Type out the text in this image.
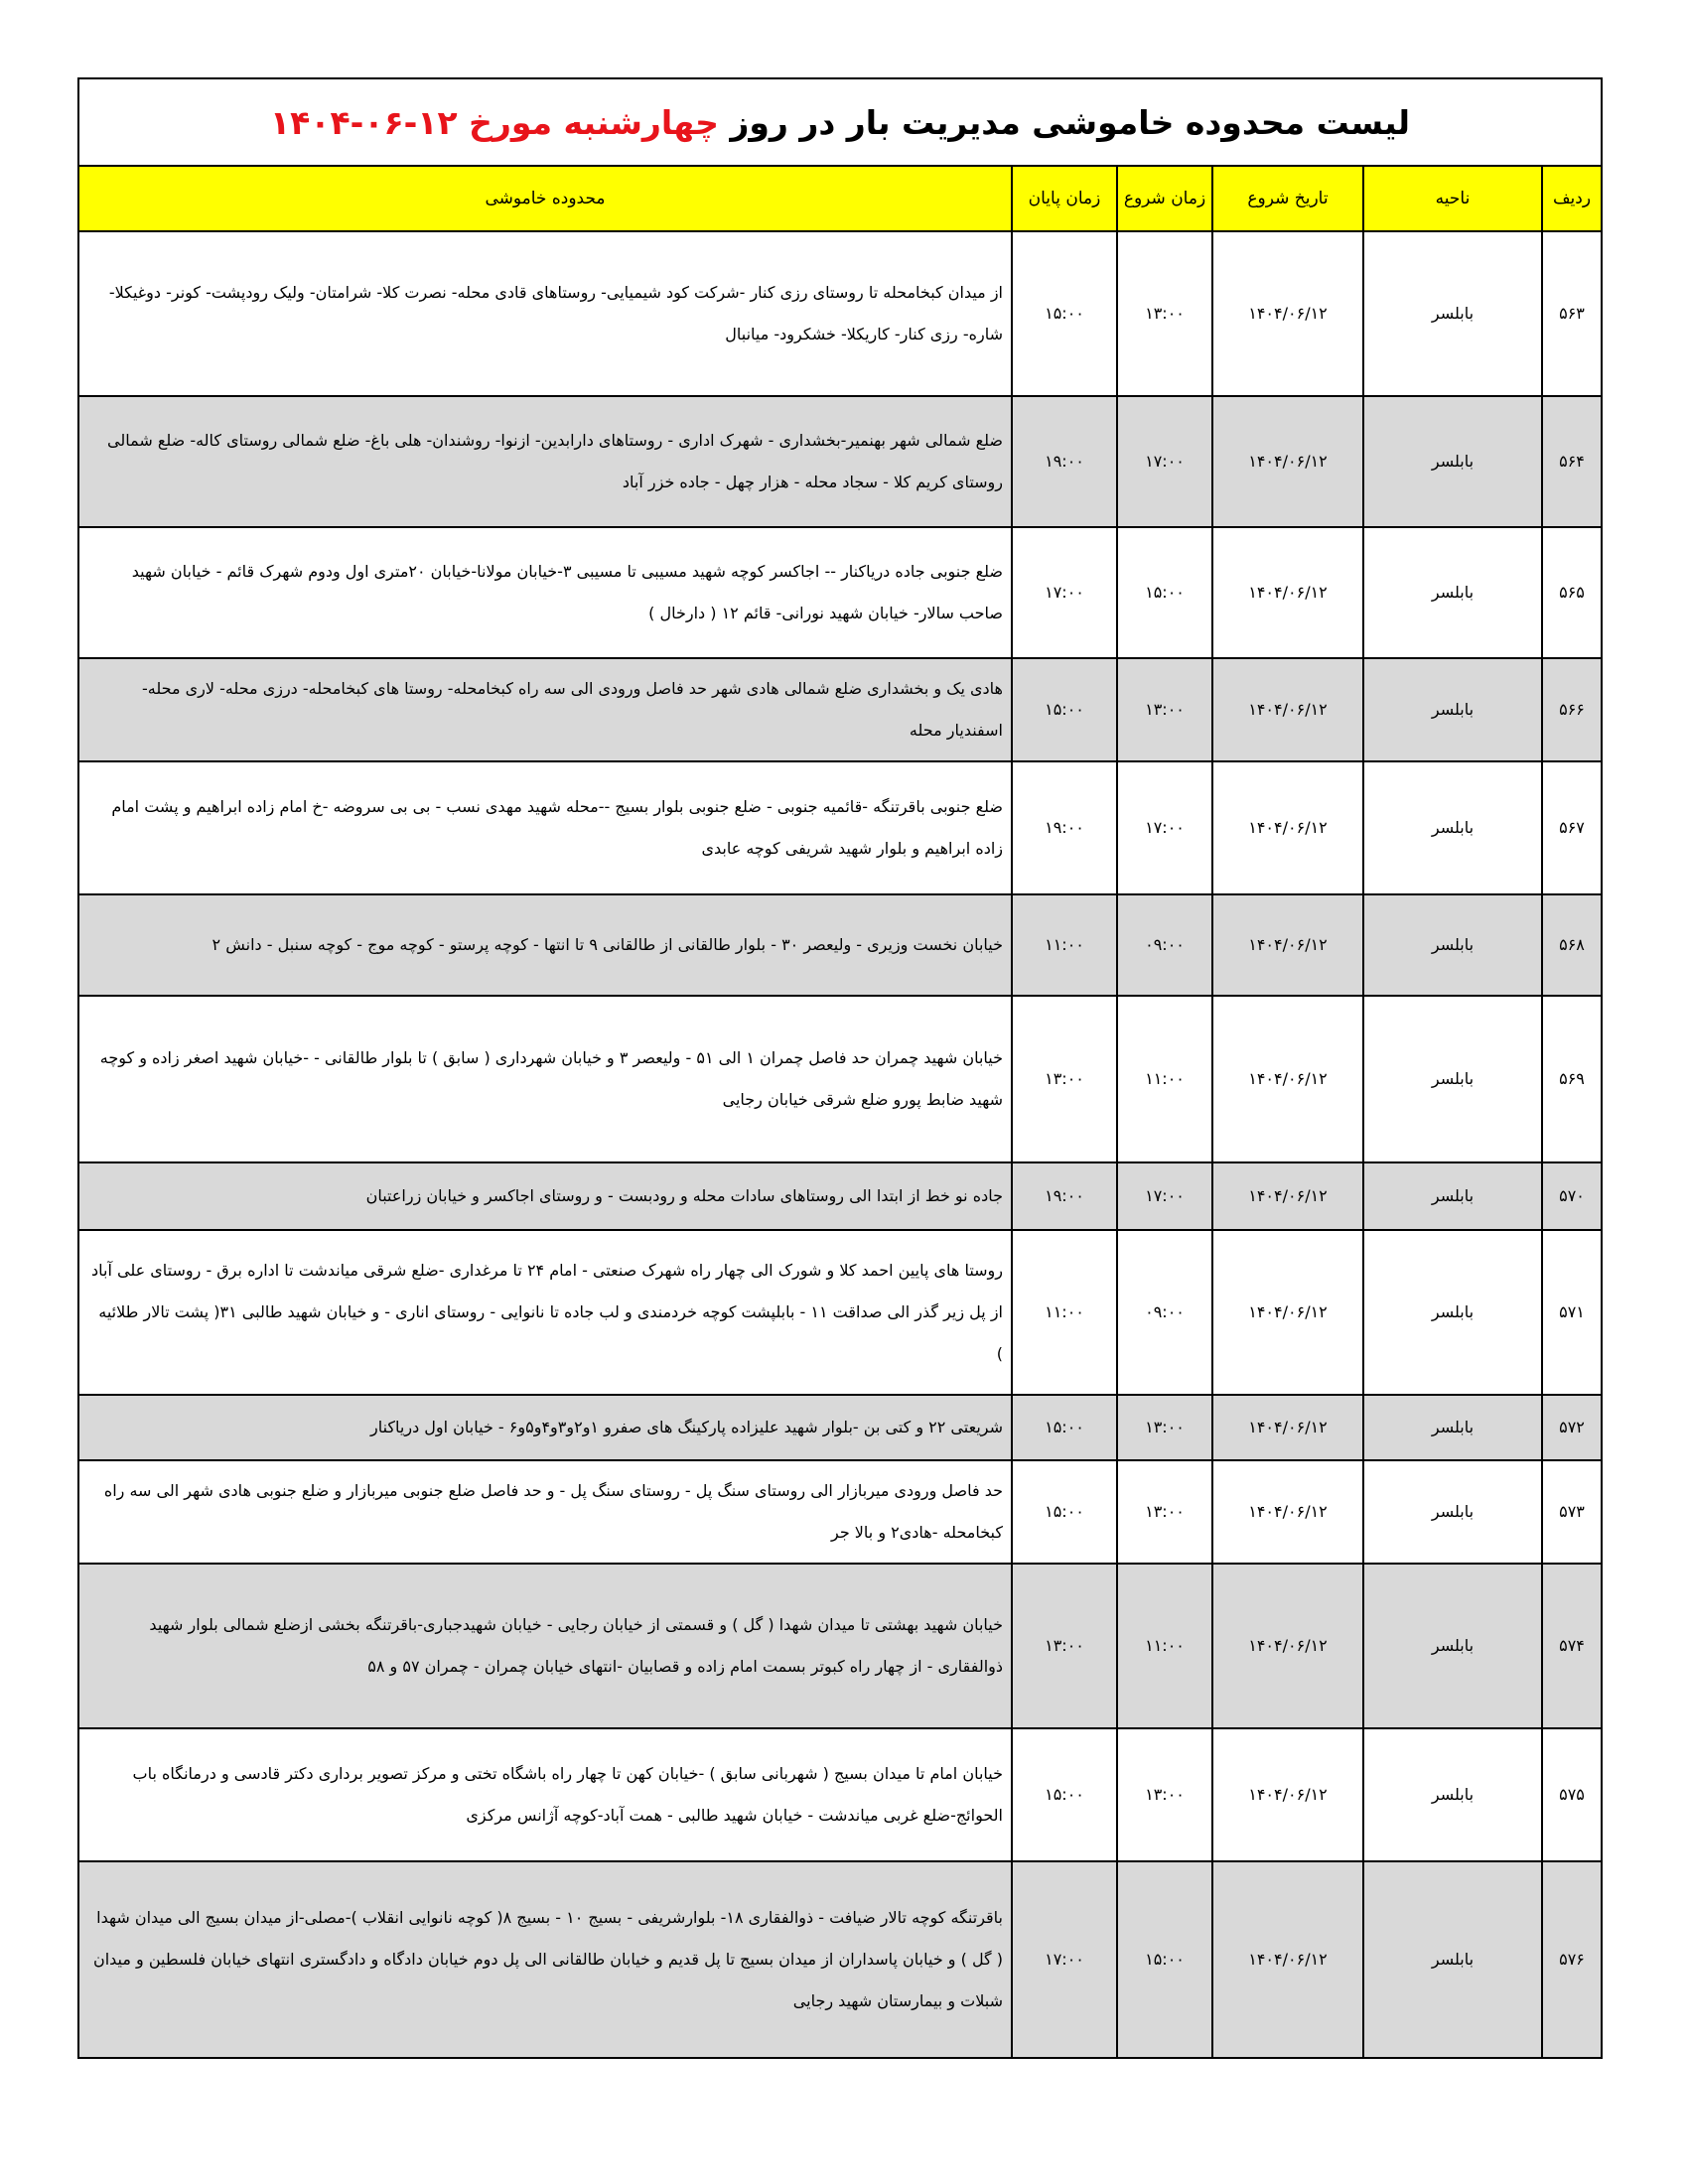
لیست محدوده خاموشی مدیریت بار در روز چهارشنبه مورخ ۱۲-۰۶-۱۴۰۴					
ردیف	ناحیه	تاریخ شروع	زمان شروع	زمان پایان	محدوده خاموشی
۵۶۳	بابلسر	۱۴۰۴/۰۶/۱۲	۱۳:۰۰	۱۵:۰۰	از میدان کبخامحله تا روستای رزی کنار -شرکت کود شیمیایی- روستاهای قادی محله- نصرت کلا- شرامتان- ولیک رودپشت- کونر- دوغیکلا- شاره- رزی کنار- کاریکلا- خشکرود- میانبال
۵۶۴	بابلسر	۱۴۰۴/۰۶/۱۲	۱۷:۰۰	۱۹:۰۰	ضلع شمالی شهر بهنمیر-بخشداری - شهرک اداری - روستاهای دارابدین- ازنوا- روشندان- هلی باغ- ضلع شمالی روستای کاله- ضلع شمالی روستای کریم کلا - سجاد محله - هزار چهل - جاده خزر آباد
۵۶۵	بابلسر	۱۴۰۴/۰۶/۱۲	۱۵:۰۰	۱۷:۰۰	ضلع جنوبی جاده دریاکنار -- اجاکسر کوچه شهید مسیبی تا مسیبی ۳-خیابان مولانا-خیابان ۲۰متری اول ودوم شهرک قائم - خیابان شهید صاحب سالار- خیابان شهید نورانی- قائم ۱۲ ( دارخال )
۵۶۶	بابلسر	۱۴۰۴/۰۶/۱۲	۱۳:۰۰	۱۵:۰۰	هادی یک و بخشداری ضلع شمالی هادی شهر حد فاصل ورودی الی سه راه کبخامحله- روستا های کبخامحله- درزی محله- لاری محله- اسفندیار محله
۵۶۷	بابلسر	۱۴۰۴/۰۶/۱۲	۱۷:۰۰	۱۹:۰۰	ضلع جنوبی باقرتنگه -قائمیه جنوبی - ضلع جنوبی بلوار بسیج --محله شهید مهدی نسب - بی بی سروضه -خ امام زاده ابراهیم و پشت امام زاده ابراهیم و بلوار شهید شریفی کوچه عابدی
۵۶۸	بابلسر	۱۴۰۴/۰۶/۱۲	۰۹:۰۰	۱۱:۰۰	خیابان نخست وزیری - ولیعصر ۳۰ - بلوار طالقانی از طالقانی ۹ تا انتها - کوچه پرستو - کوچه موج - کوچه سنبل - دانش ۲
۵۶۹	بابلسر	۱۴۰۴/۰۶/۱۲	۱۱:۰۰	۱۳:۰۰	خیابان شهید چمران حد فاصل چمران ۱ الی ۵۱ - ولیعصر ۳ و خیابان شهرداری ( سابق ) تا بلوار طالقانی - -خیابان شهید اصغر زاده و کوچه شهید ضابط پورو ضلع شرقی خیابان رجایی
۵۷۰	بابلسر	۱۴۰۴/۰۶/۱۲	۱۷:۰۰	۱۹:۰۰	جاده نو خط از ابتدا الی روستاهای سادات محله و رودبست - و روستای اجاکسر و خیابان زراعتبان
۵۷۱	بابلسر	۱۴۰۴/۰۶/۱۲	۰۹:۰۰	۱۱:۰۰	روستا های پایین احمد کلا و شورک الی چهار راه شهرک صنعتی - امام ۲۴ تا مرغداری -ضلع شرقی میاندشت تا اداره برق - روستای علی آباد از پل زیر گذر الی صداقت ۱۱ - بابلپشت کوچه خردمندی و لب جاده تا نانوایی - روستای اناری - و خیابان شهید طالبی ۳۱( پشت تالار طلائیه )
۵۷۲	بابلسر	۱۴۰۴/۰۶/۱۲	۱۳:۰۰	۱۵:۰۰	شریعتی ۲۲ و کتی بن -بلوار شهید علیزاده پارکینگ های صفرو ۱و۲و۳و۴و۵و۶ - خیابان اول دریاکنار
۵۷۳	بابلسر	۱۴۰۴/۰۶/۱۲	۱۳:۰۰	۱۵:۰۰	حد فاصل ورودی میربازار الی روستای سنگ پل - روستای سنگ پل - و حد فاصل ضلع جنوبی میربازار و ضلع جنوبی هادی شهر الی سه راه کبخامحله -هادی۲ و بالا جر
۵۷۴	بابلسر	۱۴۰۴/۰۶/۱۲	۱۱:۰۰	۱۳:۰۰	خیابان شهید بهشتی تا میدان شهدا ( گل ) و قسمتی از خیابان رجایی - خیابان شهیدجباری-باقرتنگه بخشی ازضلع شمالی بلوار شهید ذوالفقاری - از چهار راه کبوتر بسمت امام زاده و قصابیان -انتهای خیابان چمران - چمران ۵۷ و ۵۸
۵۷۵	بابلسر	۱۴۰۴/۰۶/۱۲	۱۳:۰۰	۱۵:۰۰	خیابان امام تا میدان بسیج ( شهربانی سابق ) -خیابان کهن تا چهار راه باشگاه تختی و مرکز تصویر برداری دکتر قادسی و درمانگاه باب الحوائج-ضلع غربی میاندشت - خیابان شهید طالبی - همت آباد-کوچه آژانس مرکزی
۵۷۶	بابلسر	۱۴۰۴/۰۶/۱۲	۱۵:۰۰	۱۷:۰۰	باقرتنگه کوچه تالار ضیافت - ذوالفقاری ۱۸- بلوارشریفی - بسیج ۱۰ - بسیج ۸( کوچه نانوایی انقلاب )-مصلی-از میدان بسیج الی میدان شهدا ( گل ) و خیابان پاسداران از میدان بسیج تا پل قدیم و خیابان طالقانی الی پل دوم خیابان دادگاه و دادگستری انتهای خیابان فلسطین و میدان شبلات و بیمارستان شهید رجایی
